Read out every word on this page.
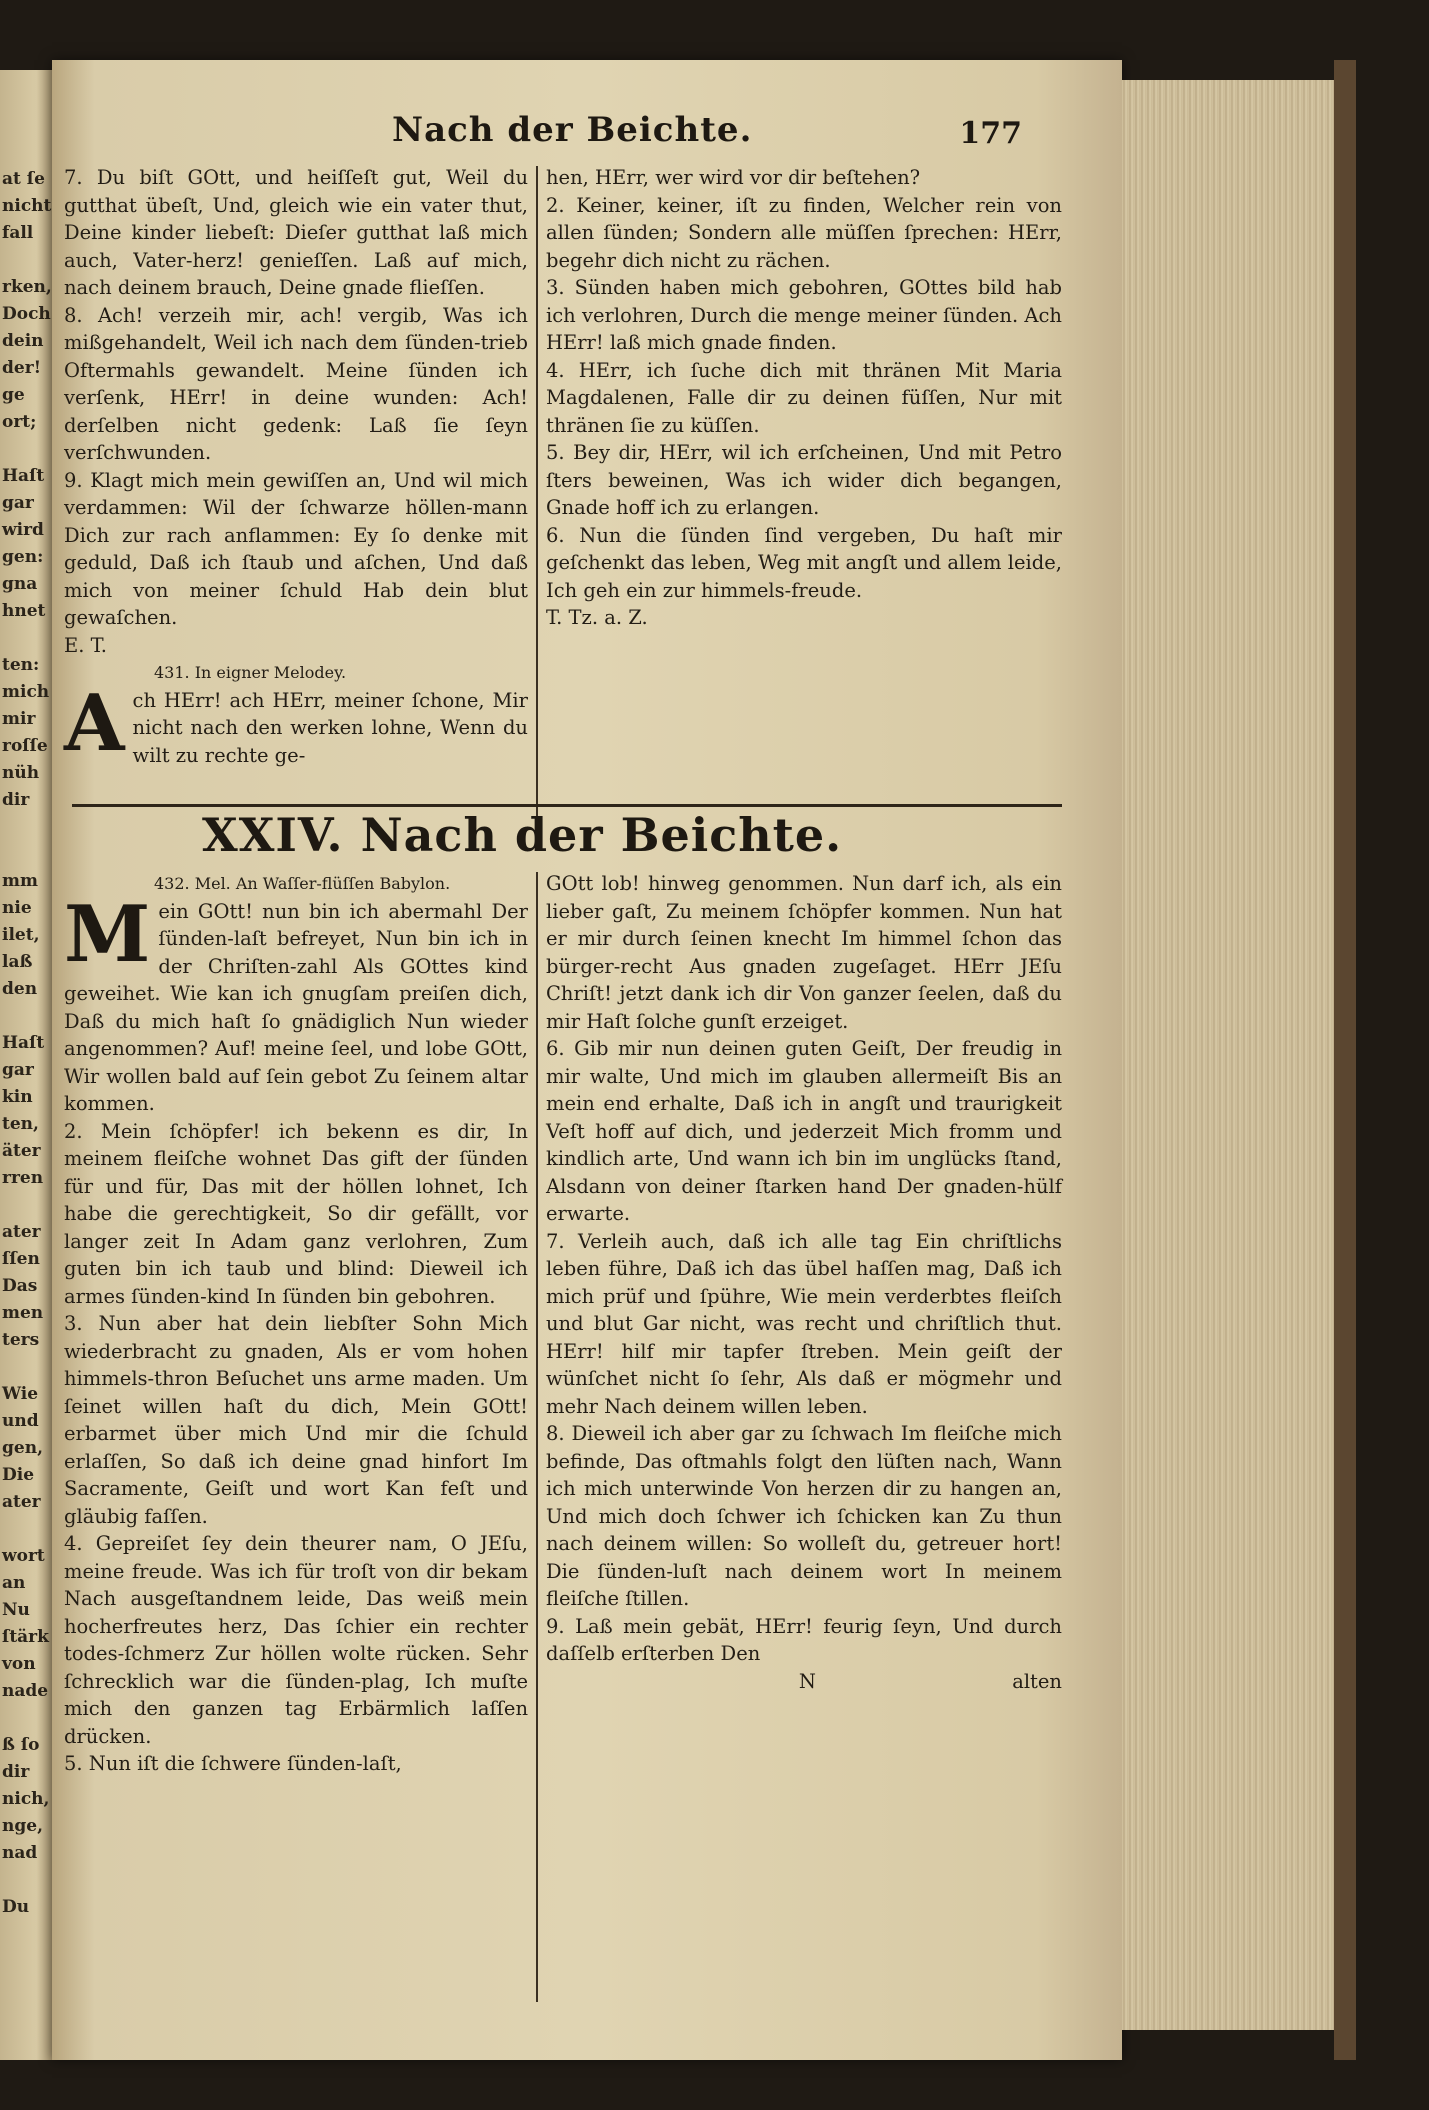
at ſe
nicht
fall

rken,
Doch
dein
der!
ge
ort;

Haſt
gar
wird
gen:
gna
hnet

ten:
mich
mir
roſſe
nüh
dir

mm
nie
ilet,
laß
den

Haſt
gar
kin
ten,
äter
rren

ater
ſſen
Das
men
ters

Wie
und
gen,
Die
ater

wort
an
Nu
ſtärk
von
nade

ß ſo
dir
nich,
nge,
nad

Du
Nach der Beichte.	177

7. Du biſt GOtt, und heiſſeſt gut, Weil du gutthat übeſt, Und, gleich wie ein vater thut, Deine kinder liebeſt: Dieſer gutthat laß mich auch, Vater-herz! genieſſen. Laß auf mich, nach deinem brauch, Deine gnade flieſſen.

8. Ach! verzeih mir, ach! vergib, Was ich mißgehandelt, Weil ich nach dem ſünden-trieb Oftermahls gewandelt. Meine ſünden ich verſenk, HErr! in deine wunden: Ach! derſelben nicht gedenk: Laß ſie ſeyn verſchwunden.

9. Klagt mich mein gewiſſen an, Und wil mich verdammen: Wil der ſchwarze höllen-mann Dich zur rach anflammen: Ey ſo denke mit geduld, Daß ich ſtaub und aſchen, Und daß mich von meiner ſchuld Hab dein blut gewaſchen.

E. T.

431. In eigner Melodey.

Ach HErr! ach HErr, meiner ſchone, Mir nicht nach den werken lohne, Wenn du wilt zu rechte ge-

hen, HErr, wer wird vor dir beſtehen?

2. Keiner, keiner, iſt zu finden, Welcher rein von allen ſünden; Sondern alle müſſen ſprechen: HErr, begehr dich nicht zu rächen.

3. Sünden haben mich gebohren, GOttes bild hab ich verlohren, Durch die menge meiner ſünden. Ach HErr! laß mich gnade finden.

4. HErr, ich ſuche dich mit thränen Mit Maria Magdalenen, Falle dir zu deinen füſſen, Nur mit thränen ſie zu küſſen.

5. Bey dir, HErr, wil ich erſcheinen, Und mit Petro ſters beweinen, Was ich wider dich begangen, Gnade hoff ich zu erlangen.

6. Nun die ſünden ſind vergeben, Du haſt mir geſchenkt das leben, Weg mit angſt und allem leide, Ich geh ein zur himmels-freude.

T. Tz. a. Z.

XXIV. Nach der Beichte.

432. Mel. An Waſſer-flüſſen Babylon.

Mein GOtt! nun bin ich abermahl Der ſünden-laſt befreyet, Nun bin ich in der Chriſten-zahl Als GOttes kind geweihet. Wie kan ich gnugſam preiſen dich, Daß du mich haſt ſo gnädiglich Nun wieder angenommen? Auf! meine ſeel, und lobe GOtt, Wir wollen bald auf ſein gebot Zu ſeinem altar kommen.

2. Mein ſchöpfer! ich bekenn es dir, In meinem fleiſche wohnet Das gift der ſünden für und für, Das mit der höllen lohnet, Ich habe die gerechtigkeit, So dir gefällt, vor langer zeit In Adam ganz verlohren, Zum guten bin ich taub und blind: Dieweil ich armes ſünden-kind In ſünden bin gebohren.

3. Nun aber hat dein liebſter Sohn Mich wiederbracht zu gnaden, Als er vom hohen himmels-thron Beſuchet uns arme maden. Um ſeinet willen haſt du dich, Mein GOtt! erbarmet über mich Und mir die ſchuld erlaſſen, So daß ich deine gnad hinfort Im Sacramente, Geiſt und wort Kan feſt und gläubig faſſen.

4. Gepreiſet ſey dein theurer nam, O JEſu, meine freude. Was ich für troſt von dir bekam Nach ausgeſtandnem leide, Das weiß mein hocherfreutes herz, Das ſchier ein rechter todes-ſchmerz Zur höllen wolte rücken. Sehr ſchrecklich war die ſünden-plag, Ich muſte mich den ganzen tag Erbärmlich laſſen drücken.

5. Nun iſt die ſchwere ſünden-laſt,

GOtt lob! hinweg genommen. Nun darf ich, als ein lieber gaſt, Zu meinem ſchöpfer kommen. Nun hat er mir durch ſeinen knecht Im himmel ſchon das bürger-recht Aus gnaden zugeſaget. HErr JEſu Chriſt! jetzt dank ich dir Von ganzer ſeelen, daß du mir Haſt ſolche gunſt erzeiget.

6. Gib mir nun deinen guten Geiſt, Der freudig in mir walte, Und mich im glauben allermeiſt Bis an mein end erhalte, Daß ich in angſt und traurigkeit Veſt hoff auf dich, und jederzeit Mich fromm und kindlich arte, Und wann ich bin im unglücks ſtand, Alsdann von deiner ſtarken hand Der gnaden-hülf erwarte.

7. Verleih auch, daß ich alle tag Ein chriſtlichs leben führe, Daß ich das übel haſſen mag, Daß ich mich prüf und ſpühre, Wie mein verderbtes fleiſch und blut Gar nicht, was recht und chriſtlich thut. HErr! hilf mir tapfer ſtreben. Mein geiſt der wünſchet nicht ſo ſehr, Als daß er mögmehr und mehr Nach deinem willen leben.

8. Dieweil ich aber gar zu ſchwach Im fleiſche mich befinde, Das oftmahls folgt den lüſten nach, Wann ich mich unterwinde Von herzen dir zu hangen an, Und mich doch ſchwer ich ſchicken kan Zu thun nach deinem willen: So wolleſt du, getreuer hort! Die ſünden-luſt nach deinem wort In meinem fleiſche ſtillen.

9. Laß mein gebät, HErr! feurig ſeyn, Und durch daſſelb erſterben Den

N	alten
